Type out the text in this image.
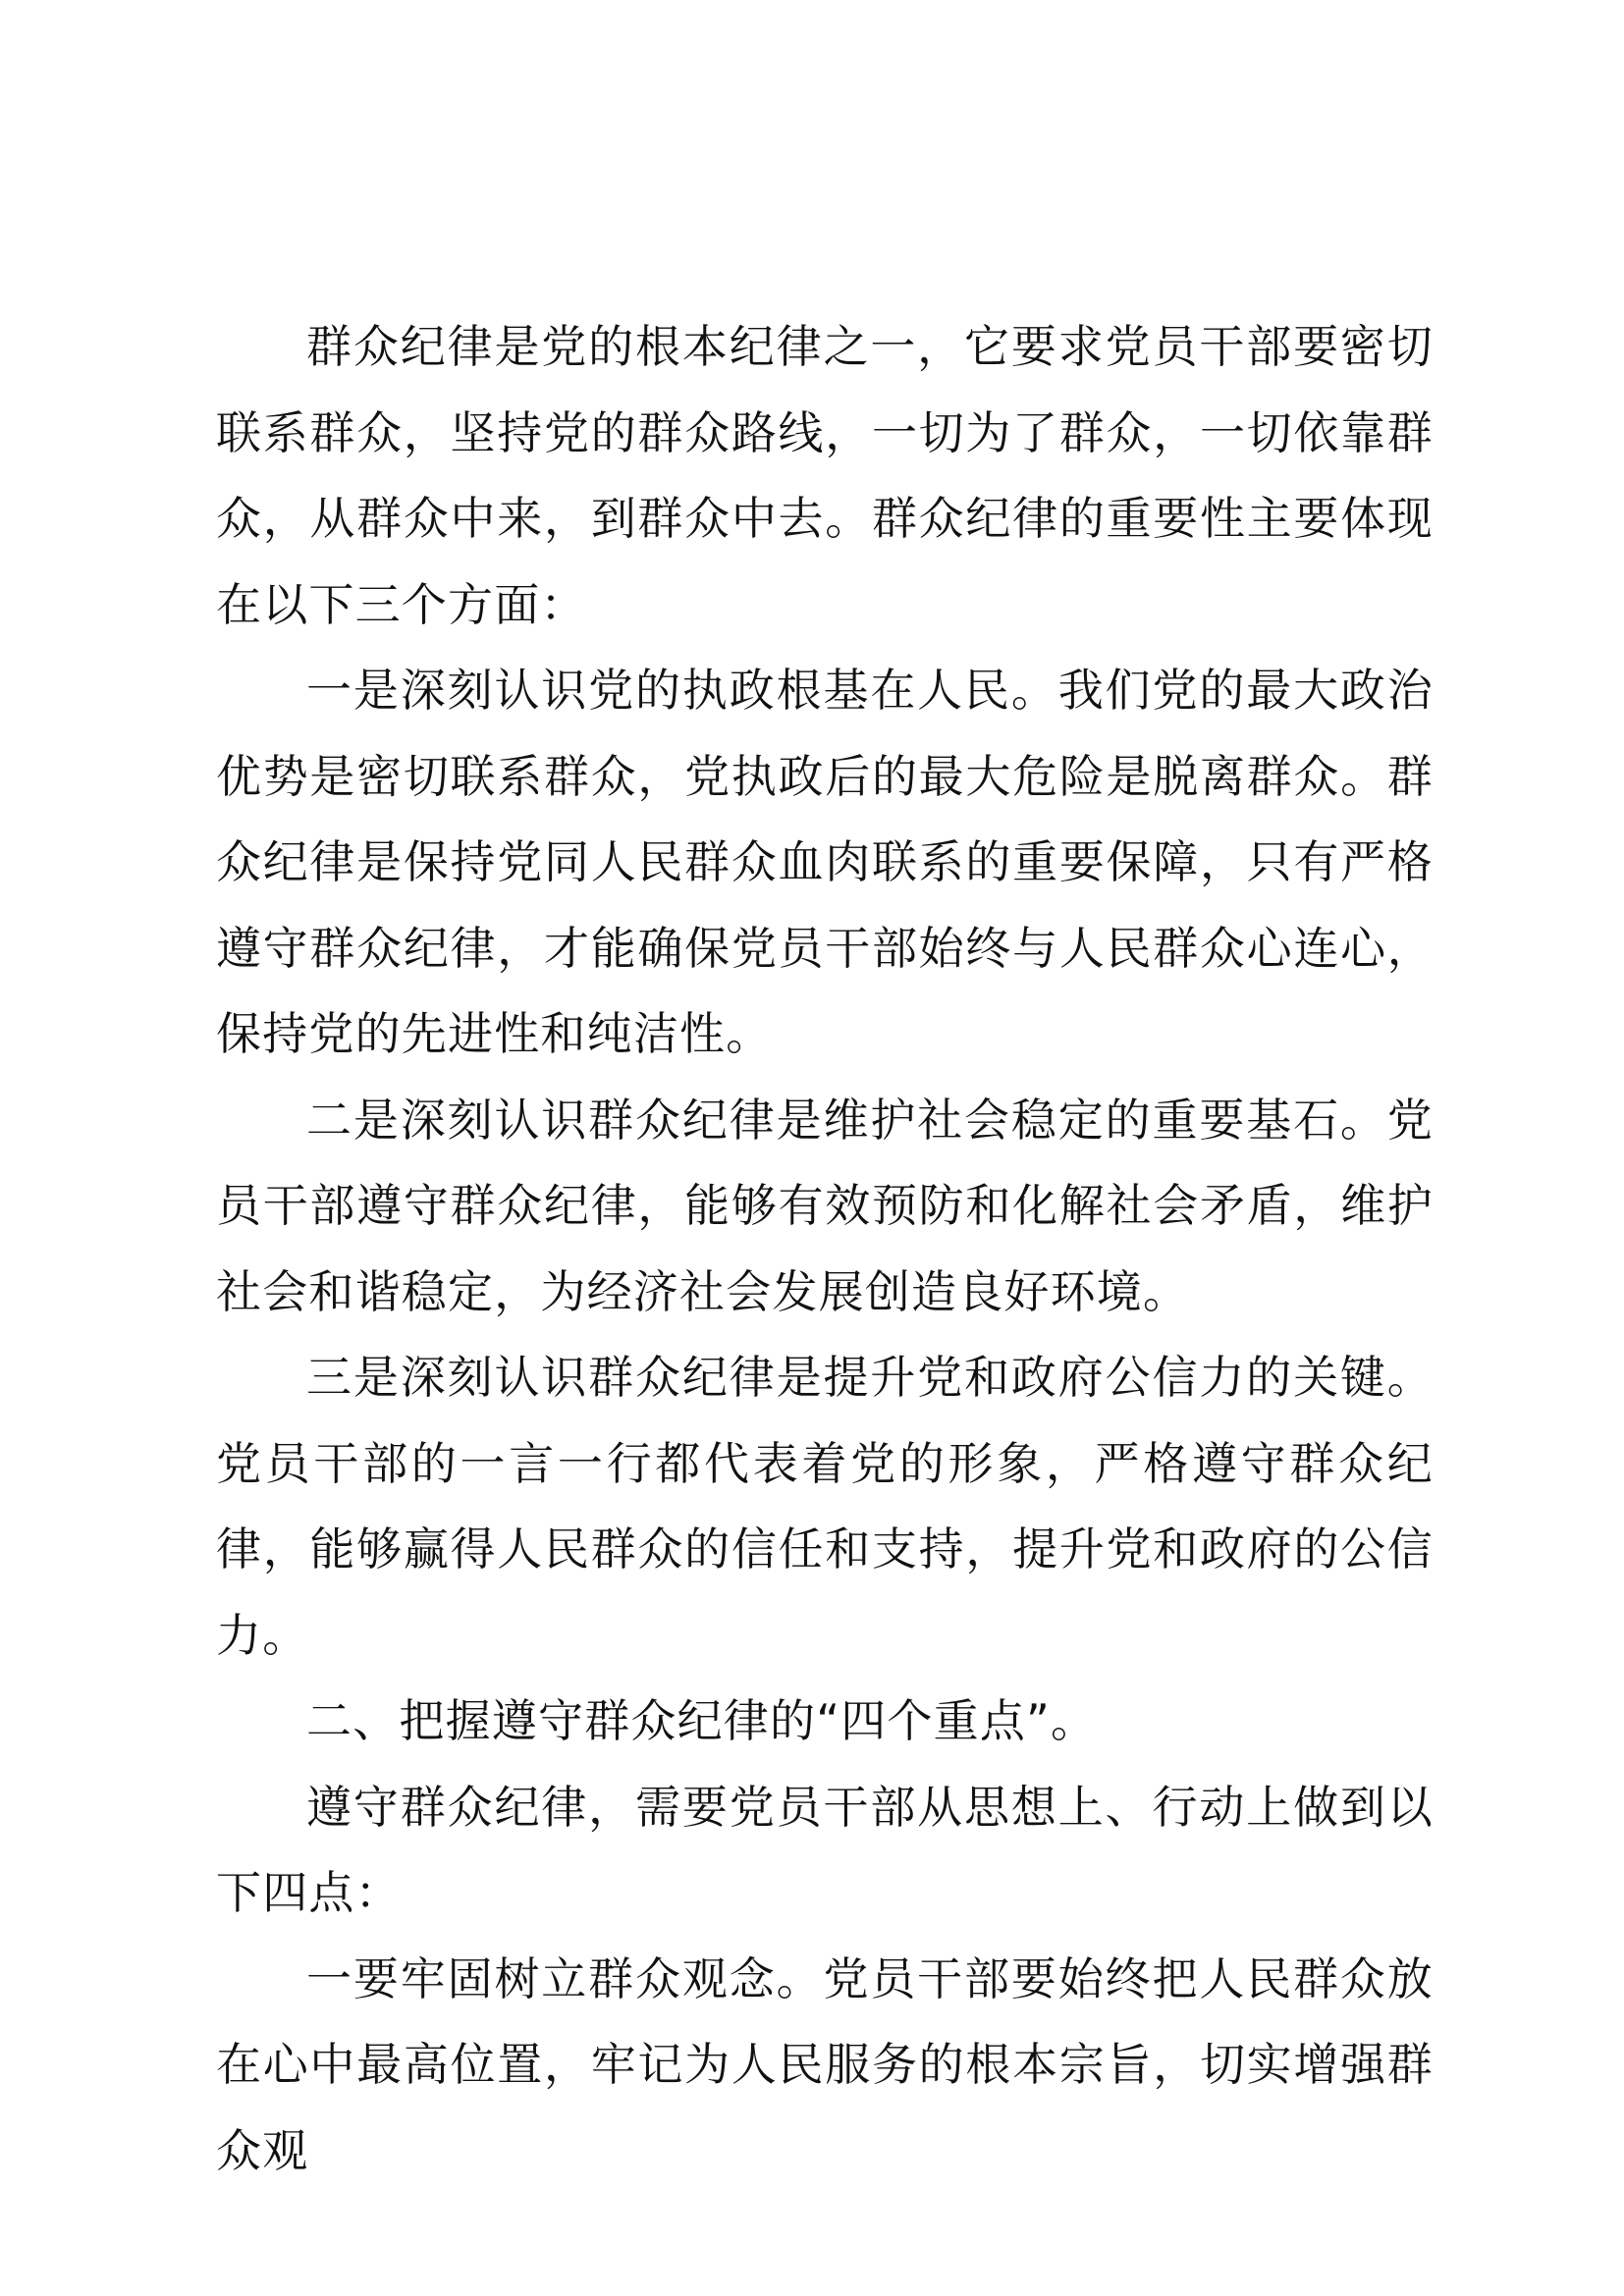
群众纪律是党的根本纪律之一，它要求党员干部要密切联系群众，坚持党的群众路线，一切为了群众，一切依靠群众，从群众中来，到群众中去。群众纪律的重要性主要体现在以下三个方面：

一是深刻认识党的执政根基在人民。我们党的最大政治优势是密切联系群众，党执政后的最大危险是脱离群众。群众纪律是保持党同人民群众血肉联系的重要保障，只有严格遵守群众纪律，才能确保党员干部始终与人民群众心连心，保持党的先进性和纯洁性。

二是深刻认识群众纪律是维护社会稳定的重要基石。党员干部遵守群众纪律，能够有效预防和化解社会矛盾，维护社会和谐稳定，为经济社会发展创造良好环境。

三是深刻认识群众纪律是提升党和政府公信力的关键。党员干部的一言一行都代表着党的形象，严格遵守群众纪律，能够赢得人民群众的信任和支持，提升党和政府的公信力。

二、把握遵守群众纪律的“四个重点”。

遵守群众纪律，需要党员干部从思想上、行动上做到以下四点：

一要牢固树立群众观念。党员干部要始终把人民群众放在心中最高位置，牢记为人民服务的根本宗旨，切实增强群众观
